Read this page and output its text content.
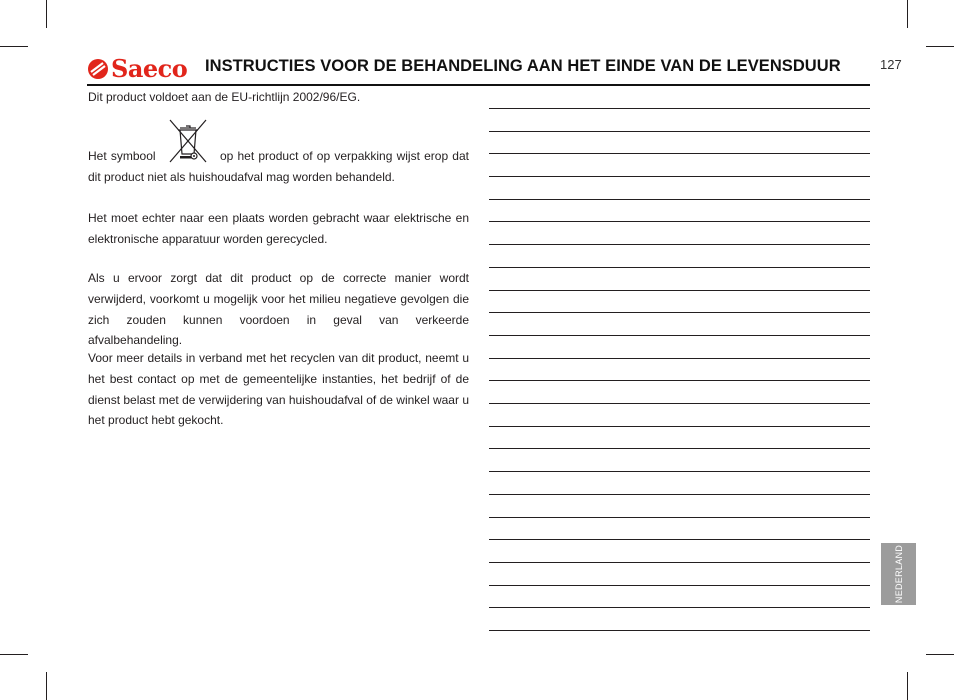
Saeco INSTRUCTIES VOOR DE BEHANDELING AAN HET EINDE VAN DE LEVENSDUUR	127
Dit product voldoet aan de EU-richtlijn 2002/96/EG.

Het symbool	op het product of op verpakking wijst erop dat dit product niet als huishoudafval mag worden behandeld.

Het moet echter naar een plaats worden gebracht waar elektrische en elektronische apparatuur worden gerecycled.

Als u ervoor zorgt dat dit product op de correcte manier wordt verwijderd, voorkomt u mogelijk voor het milieu negatieve gevolgen die zich zouden kunnen voordoen in geval van verkeerde afvalbehandeling.

Voor meer details in verband met het recyclen van dit product, neemt u het best contact op met de gemeentelijke instanties, het bedrijf of de dienst belast met de verwijdering van huishoudafval of de winkel waar u het product hebt gekocht.

NEDERLAND
